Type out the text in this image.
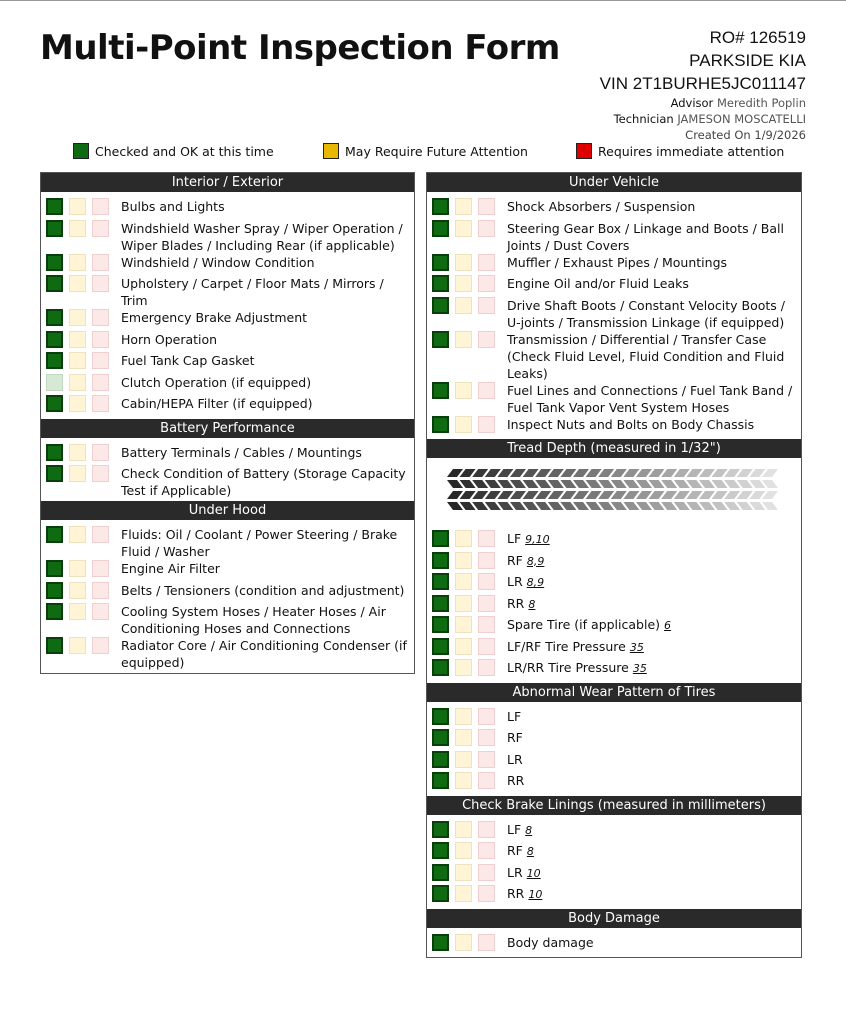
Multi-Point Inspection Form	RO# 126519
PARKSIDE KIA
VIN 2T1BURHE5JC011147
Advisor Meredith Poplin
Technician JAMESON MOSCATELLI
Created On 1/9/2026
Checked and OK at this time	May Require Future Attention	Requires immediate attention
Interior / Exterior
Bulbs and Lights
Windshield Washer Spray / Wiper Operation / Wiper Blades / Including Rear (if applicable)
Windshield / Window Condition
Upholstery / Carpet / Floor Mats / Mirrors / Trim
Emergency Brake Adjustment
Horn Operation
Fuel Tank Cap Gasket
Clutch Operation (if equipped)
Cabin/HEPA Filter (if equipped)
Battery Performance
Battery Terminals / Cables / Mountings
Check Condition of Battery (Storage Capacity Test if Applicable)
Under Hood
Fluids: Oil / Coolant / Power Steering / Brake Fluid / Washer
Engine Air Filter
Belts / Tensioners (condition and adjustment)
Cooling System Hoses / Heater Hoses / Air Conditioning Hoses and Connections
Radiator Core / Air Conditioning Condenser (if equipped)
Under Vehicle
Shock Absorbers / Suspension
Steering Gear Box / Linkage and Boots / Ball Joints / Dust Covers
Muffler / Exhaust Pipes / Mountings
Engine Oil and/or Fluid Leaks
Drive Shaft Boots / Constant Velocity Boots / U-joints / Transmission Linkage (if equipped)
Transmission / Differential / Transfer Case (Check Fluid Level, Fluid Condition and Fluid Leaks)
Fuel Lines and Connections / Fuel Tank Band / Fuel Tank Vapor Vent System Hoses
Inspect Nuts and Bolts on Body Chassis
Tread Depth (measured in 1/32")
LF 9,10
RF 8,9
LR 8,9
RR 8
Spare Tire (if applicable) 6
LF/RF Tire Pressure 35
LR/RR Tire Pressure 35
Abnormal Wear Pattern of Tires
LF
RF
LR
RR
Check Brake Linings (measured in millimeters)
LF 8
RF 8
LR 10
RR 10
Body Damage
Body damage
